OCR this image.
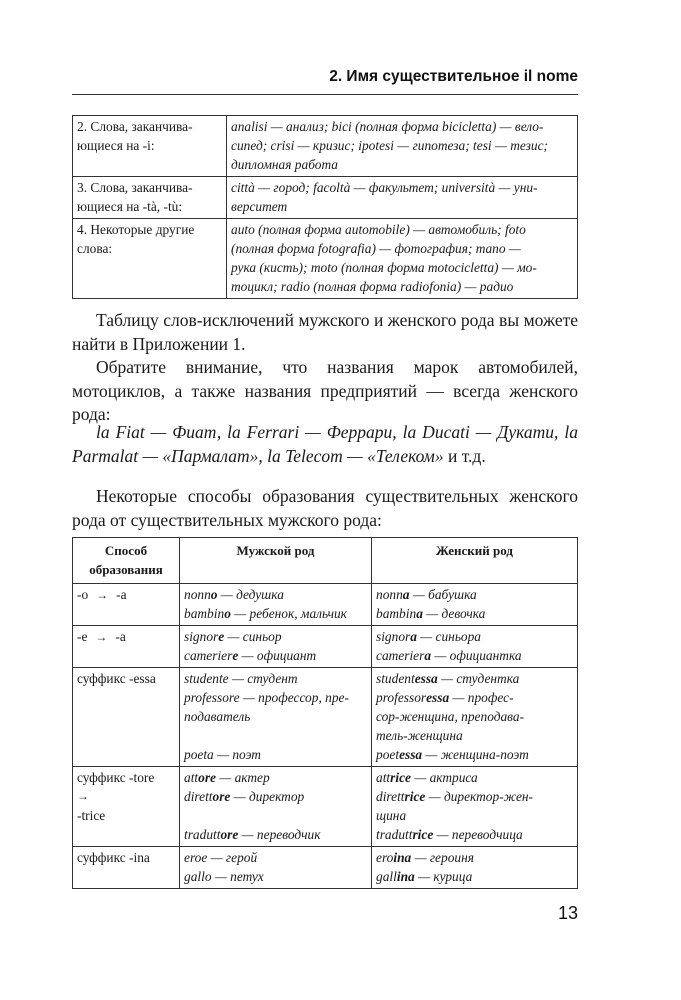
2. Имя существительное il nome
2. Слова, заканчива-
ющиеся на -i:	analisi — анализ; bici (полная форма bicicletta) — вело-
сипед; crisi — кризис; ipotesi — гипотеза; tesi — тезис;
дипломная работа

3. Слова, заканчива-
ющиеся на -tà, -tù:	città — город; facoltà — факультет; università — уни-
верситет

4. Некоторые другие
слова:	auto (полная форма automobile) — автомобиль; foto
(полная форма fotografia) — фотография; mano —
рука (кисть); moto (полная форма motocicletta) — мо-
тоцикл; radio (полная форма radiofonia) — радио

Таблицу слов-исключений мужского и женского рода вы можете найти в Приложении 1.

Обратите внимание, что названия марок автомобилей, мотоциклов, а также названия предприятий — всегда женского рода:

la Fiat — Фиат, la Ferrari — Феррари, la Ducati — Дукати, la Parmalat — «Пармалат», la Telecom — «Телеком» и т.д.

Некоторые способы образования существительных женского рода от существительных мужского рода:

Способ
образования	Мужской род	Женский род
-o → -a	nonno — дедушка
bambino — ребенок, мальчик	nonna — бабушка
bambina — девочка

-e → -a	signore — синьор
cameriere — официант	signora — синьора
cameriera — официантка

суффикс -essa	studente — студент
professore — профессор, пре-
подаватель
poeta — поэт	studentessa — студентка
professoressa — профес-
сор-женщина, преподава-
тель-женщина
poetessa — женщина-поэт

суффикс -tore
→
-trice	attore — актер
direttore — директор
traduttore — переводчик	attrice — актриса
direttrice — директор-жен-
щина
traduttrice — переводчица

суффикс -ina	eroe — герой
gallo — петух	eroina — героиня
gallina — курица
13
